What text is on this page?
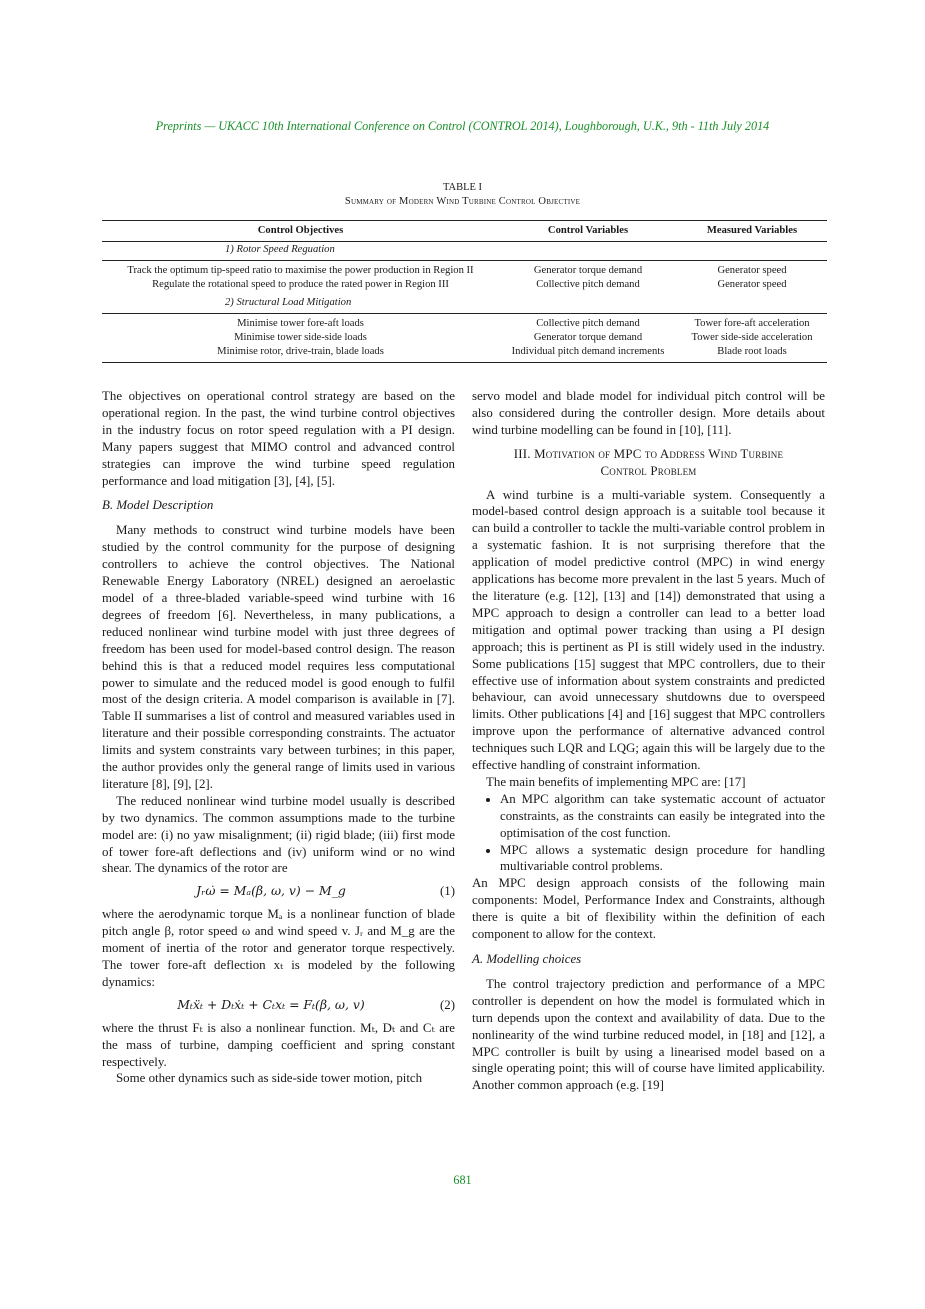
Preprints — UKACC 10th International Conference on Control (CONTROL 2014), Loughborough, U.K., 9th - 11th July 2014
TABLE I
Summary of Modern Wind Turbine Control Objective
Control Objectives	Control Variables	Measured Variables
1) Rotor Speed Reguation
Track the optimum tip-speed ratio to maximise the power production in Region II	Generator torque demand	Generator speed
Regulate the rotational speed to produce the rated power in Region III	Collective pitch demand	Generator speed
2) Structural Load Mitigation
Minimise tower fore-aft loads	Collective pitch demand	Tower fore-aft acceleration
Minimise tower side-side loads	Generator torque demand	Tower side-side acceleration
Minimise rotor, drive-train, blade loads	Individual pitch demand increments	Blade root loads

The objectives on operational control strategy are based on the operational region. In the past, the wind turbine control objectives in the industry focus on rotor speed regulation with a PI design. Many papers suggest that MIMO control and advanced control strategies can improve the wind turbine speed regulation performance and load mitigation [3], [4], [5].

B. Model Description

Many methods to construct wind turbine models have been studied by the control community for the purpose of designing controllers to achieve the control objectives. The National Renewable Energy Laboratory (NREL) designed an aeroelastic model of a three-bladed variable-speed wind turbine with 16 degrees of freedom [6]. Nevertheless, in many publications, a reduced nonlinear wind turbine model with just three degrees of freedom has been used for model-based control design. The reason behind this is that a reduced model requires less computational power to simulate and the reduced model is good enough to fulfil most of the design criteria. A model comparison is available in [7]. Table II summarises a list of control and measured variables used in literature and their possible corresponding constraints. The actuator limits and system constraints vary between turbines; in this paper, the author provides only the general range of limits used in various literature [8], [9], [2].

The reduced nonlinear wind turbine model usually is described by two dynamics. The common assumptions made to the turbine model are: (i) no yaw misalignment; (ii) rigid blade; (iii) first mode of tower fore-aft deflections and (iv) uniform wind or no wind shear. The dynamics of the rotor are

Jᵣω̇ = Mₐ(β, ω, v) − M_g	(1)

where the aerodynamic torque Mₐ is a nonlinear function of blade pitch angle β, rotor speed ω and wind speed v. Jᵣ and M_g are the moment of inertia of the rotor and generator torque respectively. The tower fore-aft deflection xₜ is modeled by the following dynamics:

Mₜẍₜ + Dₜẋₜ + Cₜxₜ = Fₜ(β, ω, v)	(2)

where the thrust Fₜ is also a nonlinear function. Mₜ, Dₜ and Cₜ are the mass of turbine, damping coefficient and spring constant respectively.

Some other dynamics such as side-side tower motion, pitch

servo model and blade model for individual pitch control will be also considered during the controller design. More details about wind turbine modelling can be found in [10], [11].

III. Motivation of MPC to Address Wind Turbine
Control Problem

A wind turbine is a multi-variable system. Consequently a model-based control design approach is a suitable tool because it can build a controller to tackle the multi-variable control problem in a systematic fashion. It is not surprising therefore that the application of model predictive control (MPC) in wind energy applications has become more prevalent in the last 5 years. Much of the literature (e.g. [12], [13] and [14]) demonstrated that using a MPC approach to design a controller can lead to a better load mitigation and optimal power tracking than using a PI design approach; this is pertinent as PI is still widely used in the industry. Some publications [15] suggest that MPC controllers, due to their effective use of information about system constraints and predicted behaviour, can avoid unnecessary shutdowns due to overspeed limits. Other publications [4] and [16] suggest that MPC controllers improve upon the performance of alternative advanced control techniques such LQR and LQG; again this will be largely due to the effective handling of constraint information.

The main benefits of implementing MPC are: [17]

• An MPC algorithm can take systematic account of actuator constraints, as the constraints can easily be integrated into the optimisation of the cost function.
• MPC allows a systematic design procedure for handling multivariable control problems.

An MPC design approach consists of the following main components: Model, Performance Index and Constraints, although there is quite a bit of flexibility within the definition of each component to allow for the context.

A. Modelling choices

The control trajectory prediction and performance of a MPC controller is dependent on how the model is formulated which in turn depends upon the context and availability of data. Due to the nonlinearity of the wind turbine reduced model, in [18] and [12], a MPC controller is built by using a linearised model based on a single operating point; this will of course have limited applicability. Another common approach (e.g. [19]

681
